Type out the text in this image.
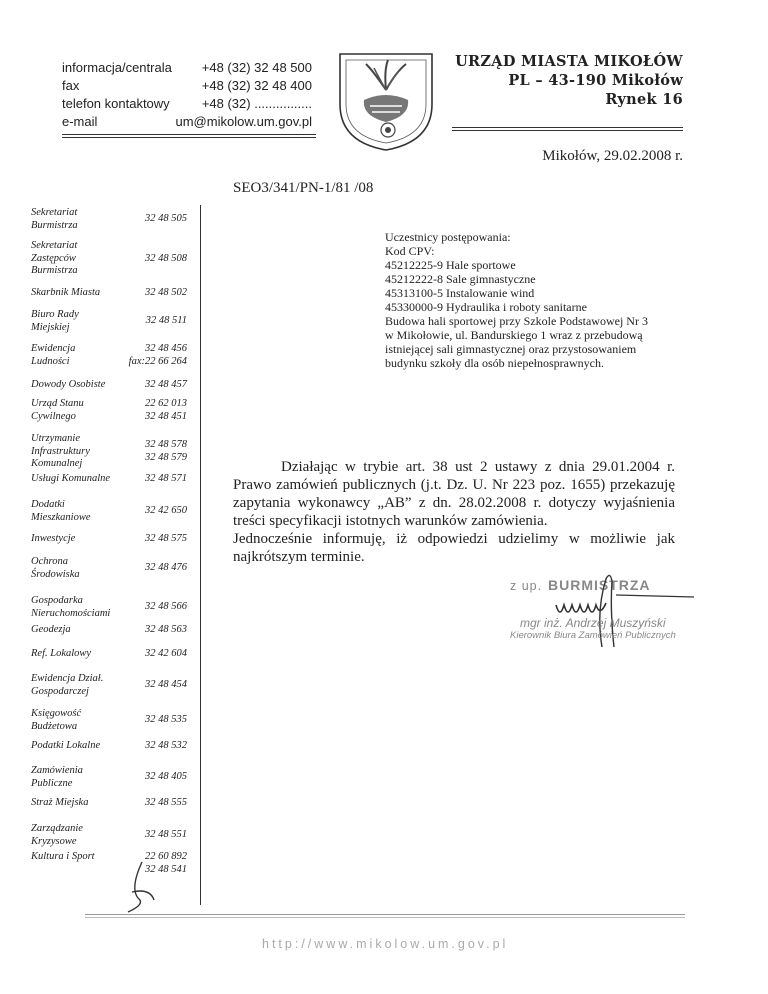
informacja/centrala +48 (32) 32 48 500
fax	+48 (32) 32 48 400
telefon kontaktowy +48 (32) ................
e-mail	um@mikolow.um.gov.pl
URZĄD MIASTA MIKOŁÓW
PL – 43-190 Mikołów
Rynek 16
Mikołów, 29.02.2008 r.
SEO3/341/PN-1/81 /08
Sekretariat
Burmistrza
32 48 505
Sekretariat
Zastępców
Burmistrza
32 48 508
Skarbnik Miasta	32 48 502
Biuro Rady
Miejskiej
32 48 511
Ewidencja
Ludności
32 48 456
fax:22 66 264
Dowody Osobiste	32 48 457
Urząd Stanu
Cywilnego
22 62 013
32 48 451
Utrzymanie
Infrastruktury
Komunalnej
32 48 578
32 48 579
Usługi Komunalne	32 48 571
Dodatki
Mieszkaniowe
32 42 650
Inwestycje	32 48 575
Ochrona
Środowiska
32 48 476
Gospodarka
Nieruchomościami
32 48 566
Geodezja	32 48 563
Ref. Lokalowy	32 42 604
Ewidencja Dział.
Gospodarczej
32 48 454
Księgowość
Budżetowa
32 48 535
Podatki Lokalne	32 48 532
Zamówienia
Publiczne
32 48 405
Straż Miejska	32 48 555
Zarządzanie
Kryzysowe
32 48 551
Kultura i Sport	22 60 892
32 48 541
Uczestnicy postępowania:
Kod CPV:
45212225-9 Hale sportowe
45212222-8 Sale gimnastyczne
45313100-5 Instalowanie wind
45330000-9 Hydraulika i roboty sanitarne
Budowa hali sportowej przy Szkole Podstawowej Nr 3
w Mikołowie, ul. Bandurskiego 1 wraz z przebudową
istniejącej sali gimnastycznej oraz przystosowaniem
budynku szkoły dla osób niepełnosprawnych.

Działając w trybie art. 38 ust 2 ustawy z dnia 29.01.2004 r. Prawo zamówień publicznych (j.t. Dz. U. Nr 223 poz. 1655) przekazuję zapytania wykonawcy „AB” z dn. 28.02.2008 r. dotyczy wyjaśnienia treści specyfikacji istotnych warunków zamówienia.

Jednocześnie informuję, iż odpowiedzi udzielimy w możliwie jak najkrótszym terminie.

z up. BURMISTRZA
mgr inż. Andrzej Muszyński
Kierownik Biura Zamówień Publicznych
http://www.mikolow.um.gov.pl
